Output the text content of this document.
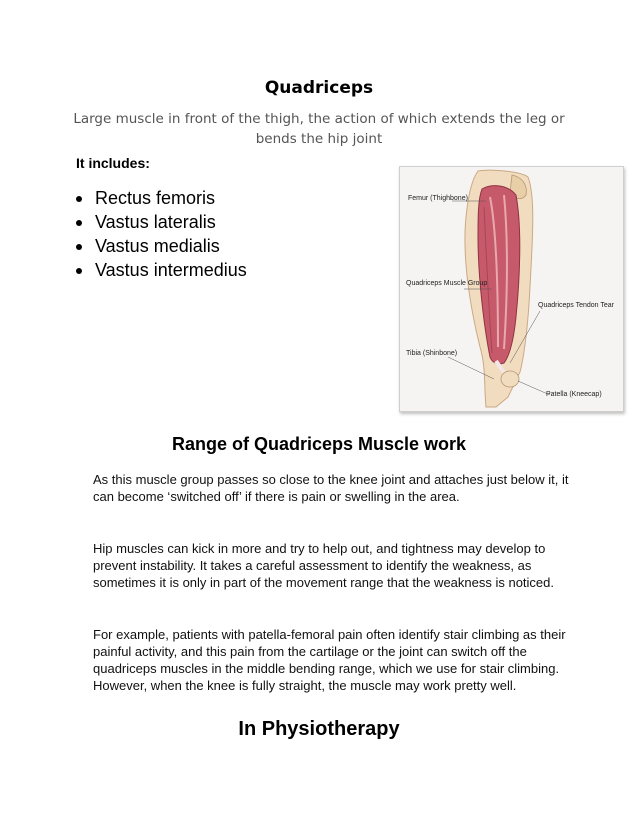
Quadriceps
Large muscle in front of the thigh, the action of which extends the leg or bends the hip joint
It includes:
Rectus femoris
Vastus lateralis
Vastus medialis
Vastus intermedius
Femur (Thighbone)
Quadriceps Muscle Group
Quadriceps Tendon Tear
Tibia (Shinbone)
Patella (Kneecap)
Range of Quadriceps Muscle work
As this muscle group passes so close to the knee joint and attaches just below it, it can become ‘switched off’ if there is pain or swelling in the area.
Hip muscles can kick in more and try to help out, and tightness may develop to prevent instability. It takes a careful assessment to identify the weakness, as sometimes it is only in part of the movement range that the weakness is noticed.
For example, patients with patella-femoral pain often identify stair climbing as their painful activity, and this pain from the cartilage or the joint can switch off the quadriceps muscles in the middle bending range, which we use for stair climbing. However, when the knee is fully straight, the muscle may work pretty well.
In Physiotherapy
